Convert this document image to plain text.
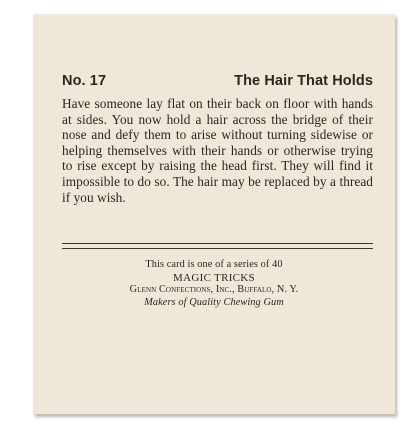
No. 17	The Hair That Holds

Have someone lay flat on their back on floor with hands at sides. You now hold a hair across the bridge of their nose and defy them to arise without turning sidewise or helping themselves with their hands or otherwise trying to rise except by raising the head first. They will find it impossible to do so. The hair may be replaced by a thread if you wish.

This card is one of a series of 40
MAGIC TRICKS
Glenn Confections, Inc., Buffalo, N. Y.
Makers of Quality Chewing Gum
